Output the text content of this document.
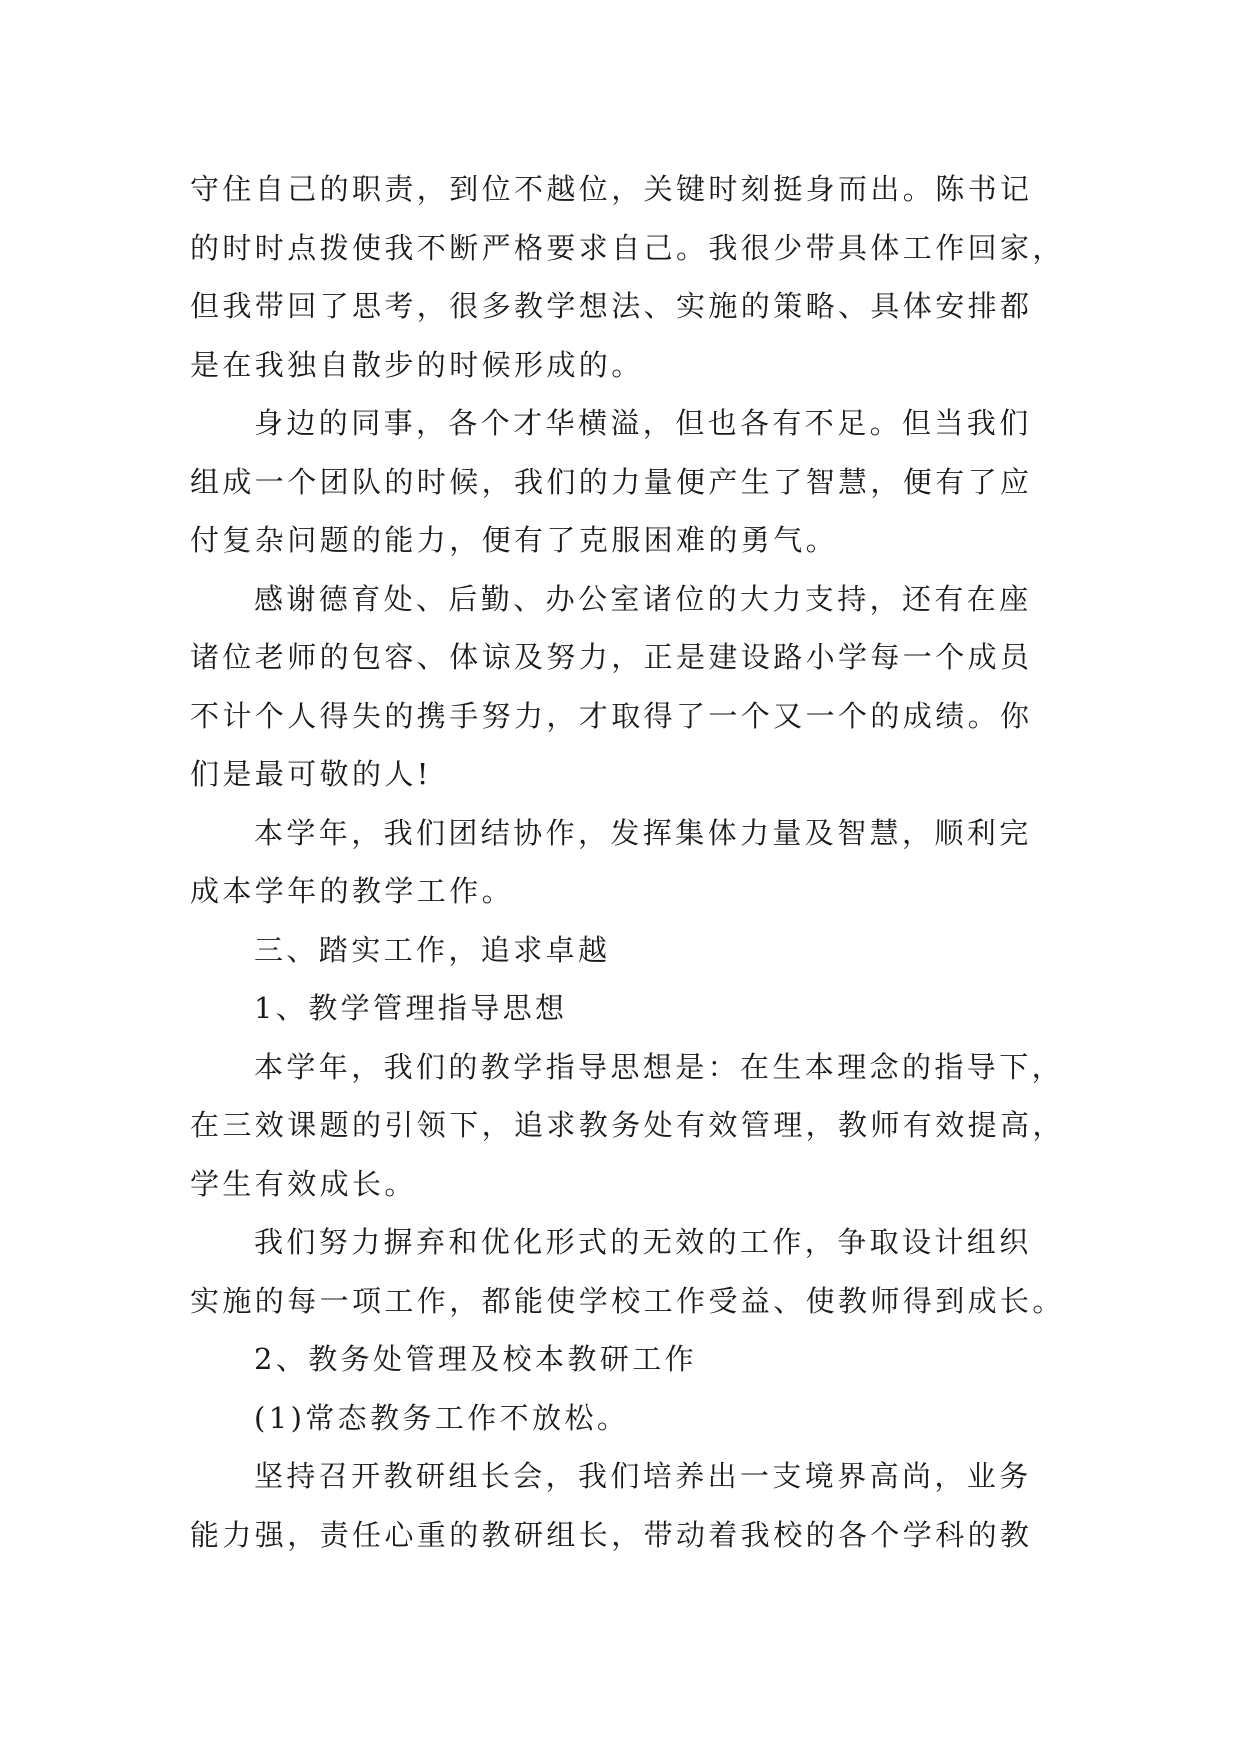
守住自己的职责，到位不越位，关键时刻挺身而出。陈书记
的时时点拨使我不断严格要求自己。我很少带具体工作回家，
但我带回了思考，很多教学想法、实施的策略、具体安排都
是在我独自散步的时候形成的。
身边的同事，各个才华横溢，但也各有不足。但当我们
组成一个团队的时候，我们的力量便产生了智慧，便有了应
付复杂问题的能力，便有了克服困难的勇气。
感谢德育处、后勤、办公室诸位的大力支持，还有在座
诸位老师的包容、体谅及努力，正是建设路小学每一个成员
不计个人得失的携手努力，才取得了一个又一个的成绩。你
们是最可敬的人!
本学年，我们团结协作，发挥集体力量及智慧，顺利完
成本学年的教学工作。
三、踏实工作，追求卓越
1、教学管理指导思想
本学年，我们的教学指导思想是：在生本理念的指导下，
在三效课题的引领下，追求教务处有效管理，教师有效提高，
学生有效成长。
我们努力摒弃和优化形式的无效的工作，争取设计组织
实施的每一项工作，都能使学校工作受益、使教师得到成长。
2、教务处管理及校本教研工作
(1)常态教务工作不放松。
坚持召开教研组长会，我们培养出一支境界高尚，业务
能力强，责任心重的教研组长，带动着我校的各个学科的教
